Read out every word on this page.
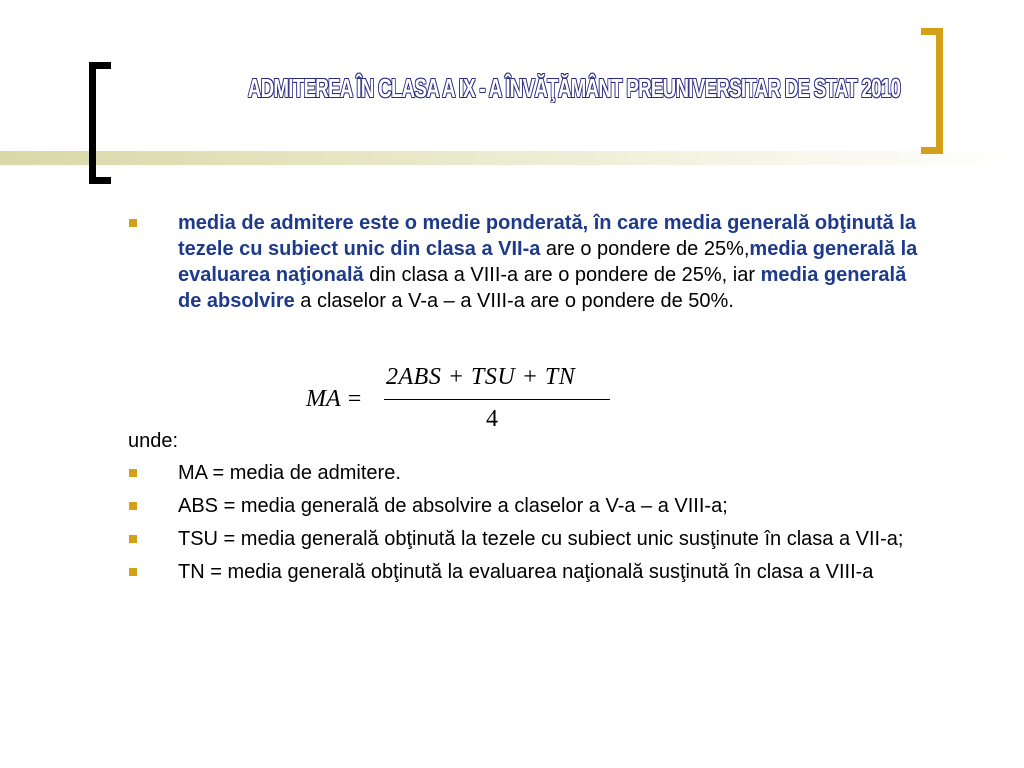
ADMITEREA ÎN CLASA A IX - A ÎNVĂŢĂMÂNT PREUNIVERSITAR DE STAT 2010
media de admitere este o medie ponderată, în care media generală obţinută la tezele cu subiect unic din clasa a VII-a are o pondere de 25%,media generală la evaluarea naţională din clasa a VIII-a are o pondere de 25%, iar media generală de absolvire a claselor a V-a – a VIII-a are o pondere de 50%.
MA =
2ABS + TSU + TN
4
unde:
MA = media de admitere.
ABS = media generală de absolvire a claselor a V-a – a VIII-a;
TSU = media generală obţinută la tezele cu subiect unic susţinute în clasa a VII-a;
TN = media generală obţinută la evaluarea naţională susţinută în clasa a VIII-a
